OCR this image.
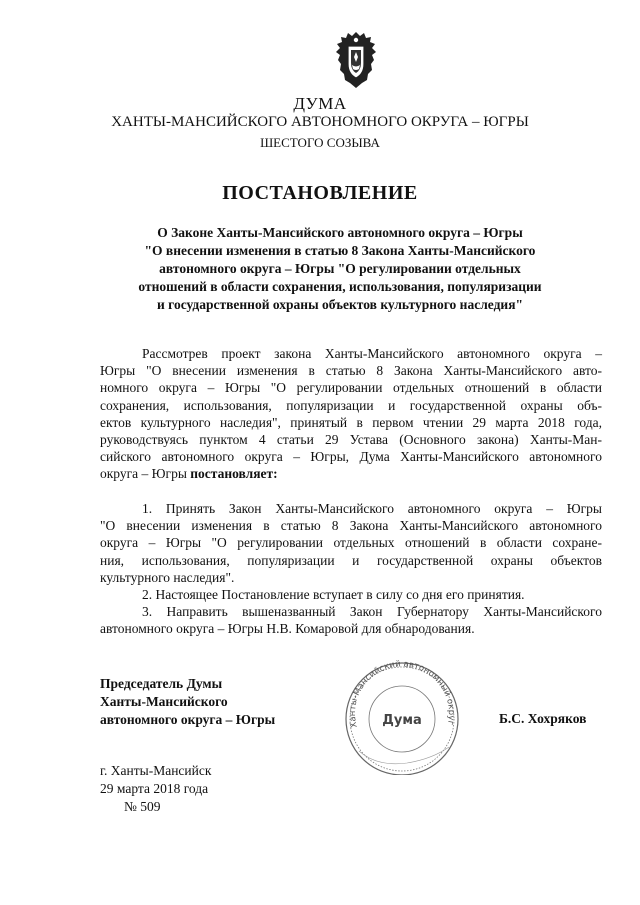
ДУМА
ХАНТЫ-МАНСИЙСКОГО АВТОНОМНОГО ОКРУГА – ЮГРЫ
ШЕСТОГО СОЗЫВА
ПОСТАНОВЛЕНИЕ
О Законе Ханты-Мансийского автономного округа – Югры
"О внесении изменения в статью 8 Закона Ханты-Мансийского
автономного округа – Югры "О регулировании отдельных
отношений в области сохранения, использования, популяризации
и государственной охраны объектов культурного наследия"
Рассмотрев проект закона Ханты-Мансийского автономного округа –
Югры "О внесении изменения в статью 8 Закона Ханты-Мансийского авто-
номного округа – Югры "О регулировании отдельных отношений в области
сохранения, использования, популяризации и государственной охраны объ-
ектов культурного наследия", принятый в первом чтении 29 марта 2018 года,
руководствуясь пунктом 4 статьи 29 Устава (Основного закона) Ханты-Ман-
сийского автономного округа – Югры, Дума Ханты-Мансийского автономного
округа – Югры постановляет:
1. Принять Закон Ханты-Мансийского автономного округа – Югры
"О внесении изменения в статью 8 Закона Ханты-Мансийского автономного
округа – Югры "О регулировании отдельных отношений в области сохране-
ния, использования, популяризации и государственной охраны объектов
культурного наследия".
2. Настоящее Постановление вступает в силу со дня его принятия.
3. Направить вышеназванный Закон Губернатору Ханты-Мансийского
автономного округа – Югры Н.В. Комаровой для обнародования.
Председатель Думы
Ханты-Мансийского
автономного округа – Югры	Ханты-Мансийский автономный округ
Дума	Б.С. Хохряков
г. Ханты-Мансийск
29 марта 2018 года
№ 509
